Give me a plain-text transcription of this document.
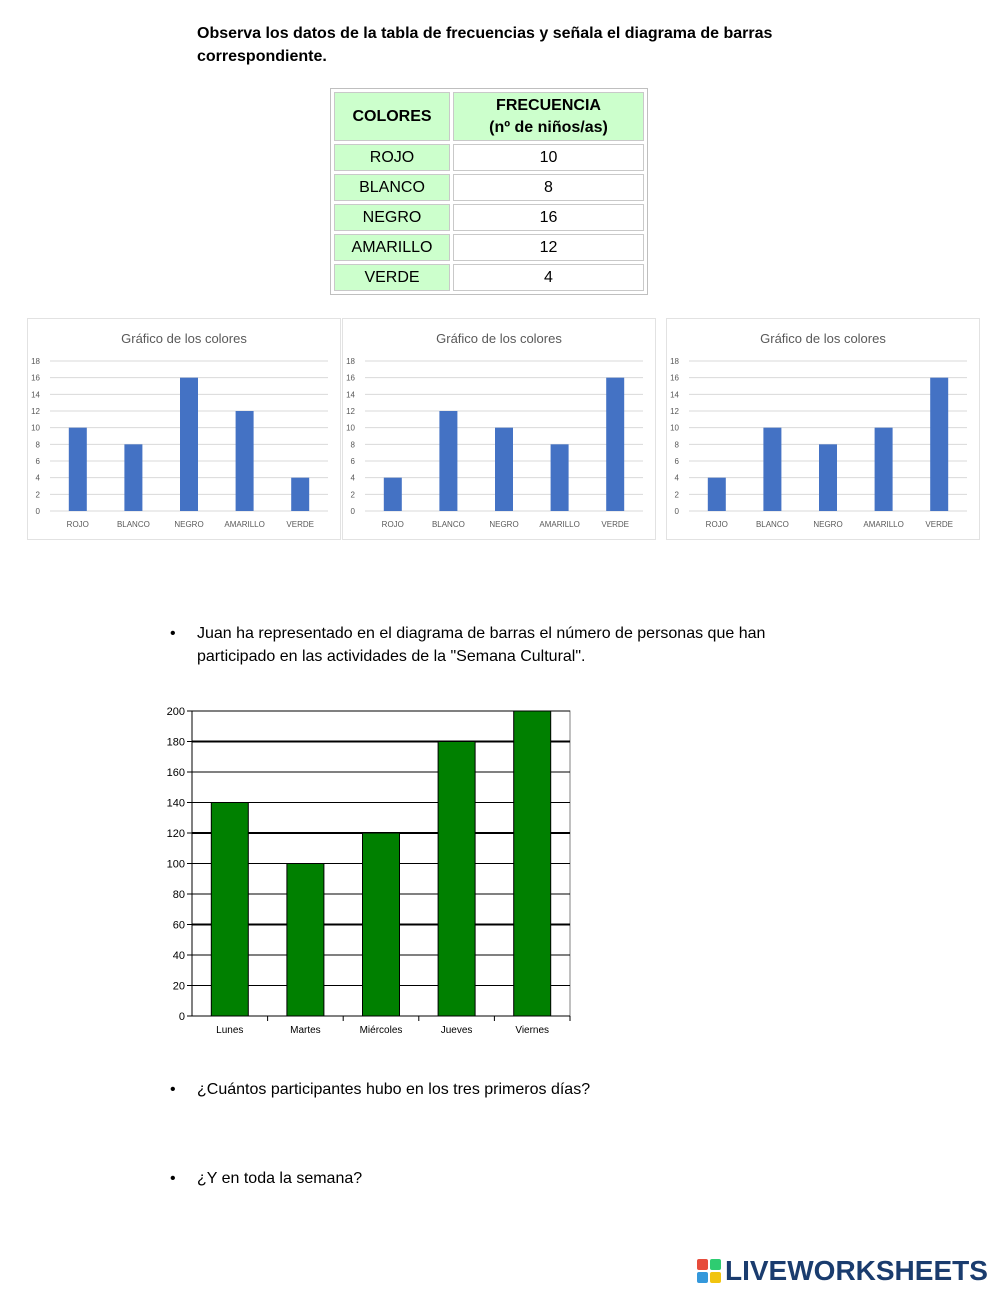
Observa los datos de la tabla de frecuencias y señala el diagrama de barras
correspondiente.
COLORES	FRECUENCIA
(nº de niños/as)

ROJO	10
BLANCO	8
NEGRO	16
AMARILLO	12
VERDE	4
Gráfico de los colores
0
2
4
6
8
10
12
14
16
18
ROJO	BLANCO	NEGRO	AMARILLO	VERDE
Gráfico de los colores
0
2
4
6
8
10
12
14
16
18
ROJO	BLANCO	NEGRO	AMARILLO	VERDE
Gráfico de los colores
0
2
4
6
8
10
12
14
16
18
ROJO	BLANCO	NEGRO	AMARILLO	VERDE
• Juan ha representado en el diagrama de barras el número de personas que han
participado en las actividades de la "Semana Cultural".
0
20
40
60
80
100
120
140
160
180
200
Lunes	Martes	Miércoles	Jueves	Viernes
• ¿Cuántos participantes hubo en los tres primeros días?
• ¿Y en toda la semana?
LIVEWORKSHEETS
